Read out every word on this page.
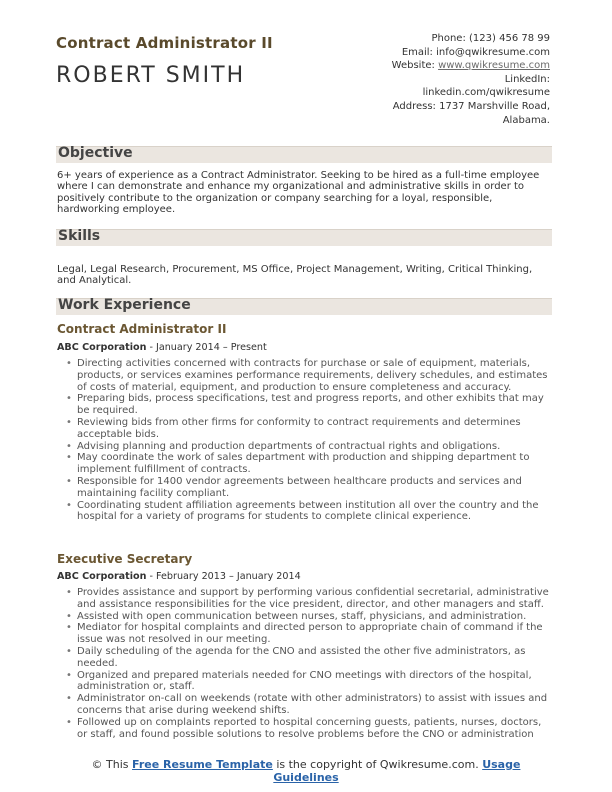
Contract Administrator II
ROBERT SMITH
Phone: (123) 456 78 99
Email: info@qwikresume.com
Website: www.qwikresume.com
LinkedIn:
linkedin.com/qwikresume
Address: 1737 Marshville Road,
Alabama.
Objective
6+ years of experience as a Contract Administrator. Seeking to be hired as a full-time employee where I can demonstrate and enhance my organizational and administrative skills in order to positively contribute to the organization or company searching for a loyal, responsible, hardworking employee.
Skills
Legal, Legal Research, Procurement, MS Office, Project Management, Writing, Critical Thinking, and Analytical.
Work Experience
Contract Administrator II
ABC Corporation - January 2014 – Present
• Directing activities concerned with contracts for purchase or sale of equipment, materials, products, or services examines performance requirements, delivery schedules, and estimates of costs of material, equipment, and production to ensure completeness and accuracy.
• Preparing bids, process specifications, test and progress reports, and other exhibits that may be required.
• Reviewing bids from other firms for conformity to contract requirements and determines acceptable bids.
• Advising planning and production departments of contractual rights and obligations.
• May coordinate the work of sales department with production and shipping department to implement fulfillment of contracts.
• Responsible for 1400 vendor agreements between healthcare products and services and maintaining facility compliant.
• Coordinating student affiliation agreements between institution all over the country and the hospital for a variety of programs for students to complete clinical experience.
Executive Secretary
ABC Corporation - February 2013 – January 2014
• Provides assistance and support by performing various confidential secretarial, administrative and assistance responsibilities for the vice president, director, and other managers and staff.
• Assisted with open communication between nurses, staff, physicians, and administration.
• Mediator for hospital complaints and directed person to appropriate chain of command if the issue was not resolved in our meeting.
• Daily scheduling of the agenda for the CNO and assisted the other five administrators, as needed.
• Organized and prepared materials needed for CNO meetings with directors of the hospital, administration or, staff.
• Administrator on-call on weekends (rotate with other administrators) to assist with issues and concerns that arise during weekend shifts.
• Followed up on complaints reported to hospital concerning guests, patients, nurses, doctors, or staff, and found possible solutions to resolve problems before the CNO or administration
© This Free Resume Template is the copyright of Qwikresume.com. Usage
Guidelines
